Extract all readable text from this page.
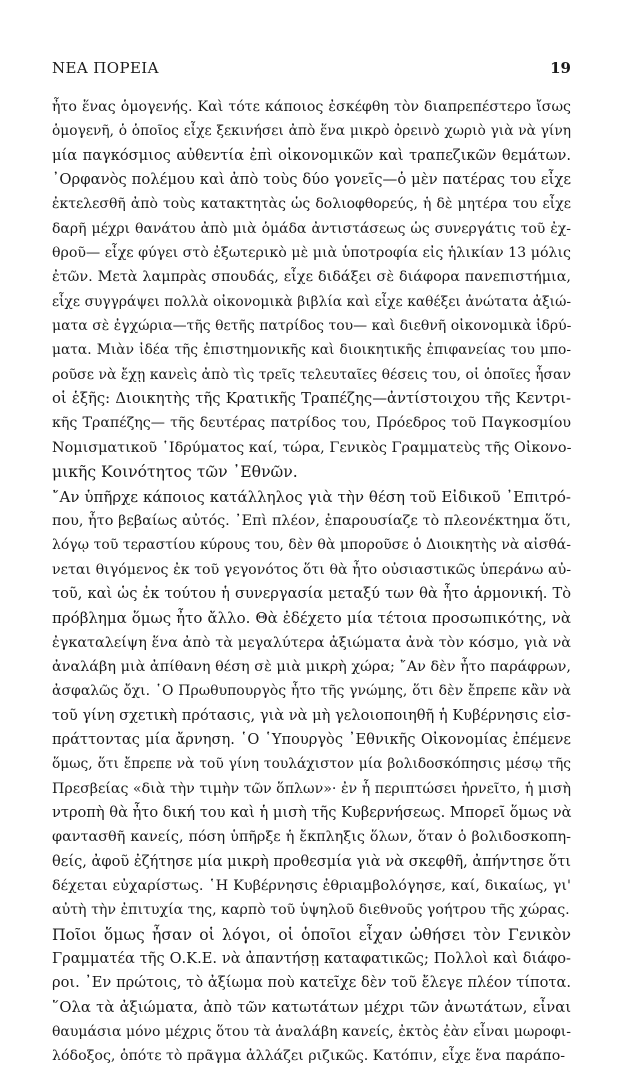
ΝΕΑ ΠΟΡΕΙΑ	19
ἦτο ἕνας ὁμογενής. Καὶ τότε κάποιος ἐσκέφθη τὸν διαπρεπέστερο ἴσως
ὁμογενῆ, ὁ ὁποῖος εἶχε ξεκινήσει ἀπὸ ἕνα μικρὸ ὀρεινὸ χωριὸ γιὰ νὰ γίνη
μία παγκόσμιος αὐθεντία ἐπὶ οἰκονομικῶν καὶ τραπεζικῶν θεμάτων.
᾿Ορφανὸς πολέμου καὶ ἀπὸ τοὺς δύο γονεῖς—ὁ μὲν πατέρας του εἶχε
ἐκτελεσθῆ ἀπὸ τοὺς κατακτητὰς ὡς δολιοφθορεύς, ἡ δὲ μητέρα του εἶχε
δαρῆ μέχρι θανάτου ἀπὸ μιὰ ὁμάδα ἀντιστάσεως ὡς συνεργάτις τοῦ ἐχ-
θροῦ— εἶχε φύγει στὸ ἐξωτερικὸ μὲ μιὰ ὑποτροφία εἰς ἡλικίαν 13 μόλις
ἐτῶν. Μετὰ λαμπρὰς σπουδάς, εἶχε διδάξει σὲ διάφορα πανεπιστήμια,
εἶχε συγγράψει πολλὰ οἰκονομικὰ βιβλία καὶ εἶχε καθέξει ἀνώτατα ἀξιώ-
ματα σὲ ἐγχώρια—τῆς θετῆς πατρίδος του— καὶ διεθνῆ οἰκονομικὰ ἱδρύ-
ματα. Μιὰν ἰδέα τῆς ἐπιστημονικῆς καὶ διοικητικῆς ἐπιφανείας του μπο-
ροῦσε νὰ ἔχῃ κανεὶς ἀπὸ τὶς τρεῖς τελευταῖες θέσεις του, οἱ ὁποῖες ἦσαν
οἱ ἑξῆς: Διοικητὴς τῆς Κρατικῆς Τραπέζης—ἀντίστοιχου τῆς Κεντρι-
κῆς Τραπέζης— τῆς δευτέρας πατρίδος του, Πρόεδρος τοῦ Παγκοσμίου
Νομισματικοῦ ῾Ιδρύματος καί, τώρα, Γενικὸς Γραμματεὺς τῆς Οἰκονο-
μικῆς Κοινότητος τῶν ᾿Εθνῶν.
῎Αν ὑπῆρχε κάποιος κατάλληλος γιὰ τὴν θέση τοῦ Εἰδικοῦ ᾿Επιτρό-
που, ἦτο βεβαίως αὐτός. ᾿Επὶ πλέον, ἐπαρουσίαζε τὸ πλεονέκτημα ὅτι,
λόγῳ τοῦ τεραστίου κύρους του, δὲν θὰ μποροῦσε ὁ Διοικητὴς νὰ αἰσθά-
νεται θιγόμενος ἐκ τοῦ γεγονότος ὅτι θὰ ἦτο οὐσιαστικῶς ὑπεράνω αὐ-
τοῦ, καὶ ὡς ἐκ τούτου ἡ συνεργασία μεταξύ των θὰ ἦτο ἁρμονική. Τὸ
πρόβλημα ὅμως ἦτο ἄλλο. Θὰ ἐδέχετο μία τέτοια προσωπικότης, νὰ
ἐγκαταλείψη ἕνα ἀπὸ τὰ μεγαλύτερα ἀξιώματα ἀνὰ τὸν κόσμο, γιὰ νὰ
ἀναλάβη μιὰ ἀπίθανη θέση σὲ μιὰ μικρὴ χώρα; ῎Αν δὲν ἦτο παράφρων,
ἀσφαλῶς ὄχι. ῾Ο Πρωθυπουργὸς ἦτο τῆς γνώμης, ὅτι δὲν ἔπρεπε κἂν νὰ
τοῦ γίνη σχετικὴ πρότασις, γιὰ νὰ μὴ γελοιοποιηθῆ ἡ Κυβέρνησις εἰσ-
πράττοντας μία ἄρνηση. ῾Ο ῾Υπουργὸς ᾿Εθνικῆς Οἰκονομίας ἐπέμενε
ὅμως, ὅτι ἔπρεπε νὰ τοῦ γίνη τουλάχιστον μία βολιδοσκόπησις μέσῳ τῆς
Πρεσβείας «διὰ τὴν τιμὴν τῶν ὅπλων»· ἐν ἧ περιπτώσει ἠρνεῖτο, ἡ μισὴ
ντροπὴ θὰ ἦτο δική του καὶ ἡ μισὴ τῆς Κυβερνήσεως. Μπορεῖ ὅμως νὰ
φαντασθῆ κανείς, πόση ὑπῆρξε ἡ ἔκπληξις ὅλων, ὅταν ὁ βολιδοσκοπη-
θείς, ἀφοῦ ἐζήτησε μία μικρὴ προθεσμία γιὰ νὰ σκεφθῆ, ἀπήντησε ὅτι
δέχεται εὐχαρίστως. ῾Η Κυβέρνησις ἐθριαμβολόγησε, καί, δικαίως, γι'
αὐτὴ τὴν ἐπιτυχία της, καρπὸ τοῦ ὑψηλοῦ διεθνοῦς γοήτρου τῆς χώρας.
Ποῖοι ὅμως ἦσαν οἱ λόγοι, οἱ ὁποῖοι εἶχαν ὠθήσει τὸν Γενικὸν
Γραμματέα τῆς Ο.Κ.Ε. νὰ ἀπαντήσῃ καταφατικῶς; Πολλοὶ καὶ διάφο-
ροι. ᾿Εν πρώτοις, τὸ ἀξίωμα ποὺ κατεῖχε δὲν τοῦ ἔλεγε πλέον τίποτα.
῞Ολα τὰ ἀξιώματα, ἀπὸ τῶν κατωτάτων μέχρι τῶν ἀνωτάτων, εἶναι
θαυμάσια μόνο μέχρις ὅτου τὰ ἀναλάβη κανείς, ἐκτὸς ἐὰν εἶναι μωροφι-
λόδοξος, ὁπότε τὸ πρᾶγμα ἀλλάζει ριζικῶς. Κατόπιν, εἶχε ἕνα παράπο-
